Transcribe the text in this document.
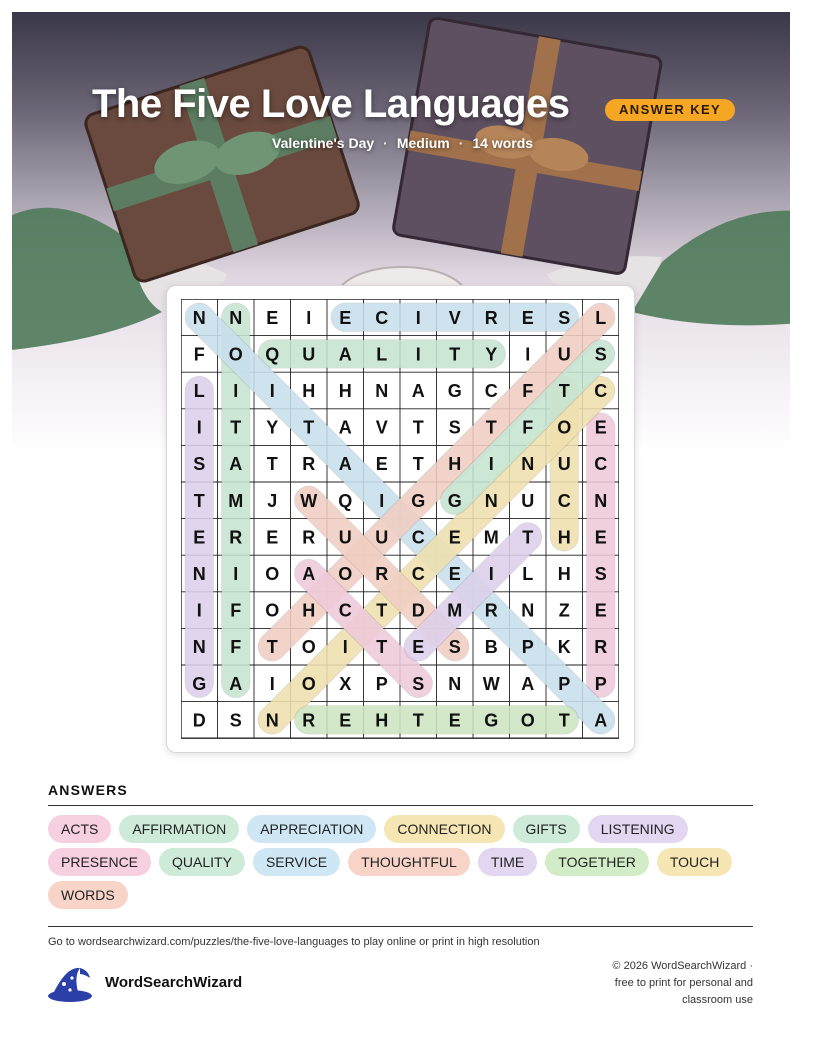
The Five Love Languages	ANSWER KEY
Valentine's Day · Medium · 14 words
N N E I E C I V R E S L
F O Q U A L I T Y I U S
L I I H H N A G C F T C
I T Y T A V T S T F O E
S A T R A E T H I N U C
T M J W Q I G G N U C N
E R E R U U C E M T H E
N I O A O R C E I L H S
I F O H C T D M R N Z E
N F T O I T E S B P K R
G A I O X P S N W A P P
D S N R E H T E G O T A
ANSWERS
ACTS	AFFIRMATION	APPRECIATION	CONNECTION	GIFTS	LISTENING
PRESENCE	QUALITY	SERVICE	THOUGHTFUL	TIME	TOGETHER	TOUCH
WORDS
Go to wordsearchwizard.com/puzzles/the-five-love-languages to play online or print in high resolution
WordSearchWizard
© 2026 WordSearchWizard ·
free to print for personal and
classroom use
